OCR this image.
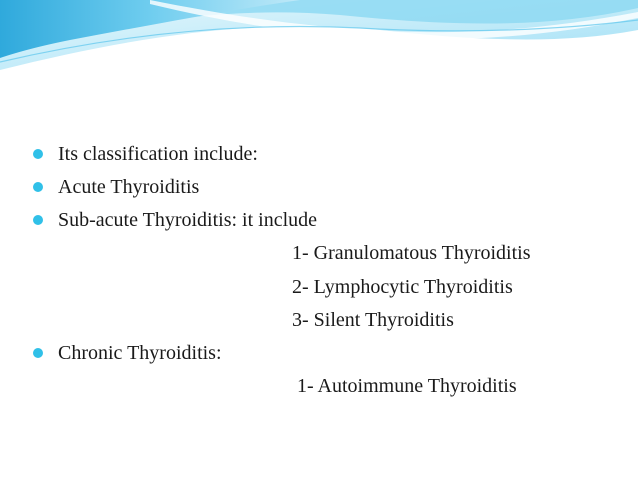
Its classification include:
Acute Thyroiditis
Sub-acute Thyroiditis: it include
1- Granulomatous Thyroiditis
2- Lymphocytic Thyroiditis
3- Silent Thyroiditis
Chronic Thyroiditis:
1- Autoimmune Thyroiditis
